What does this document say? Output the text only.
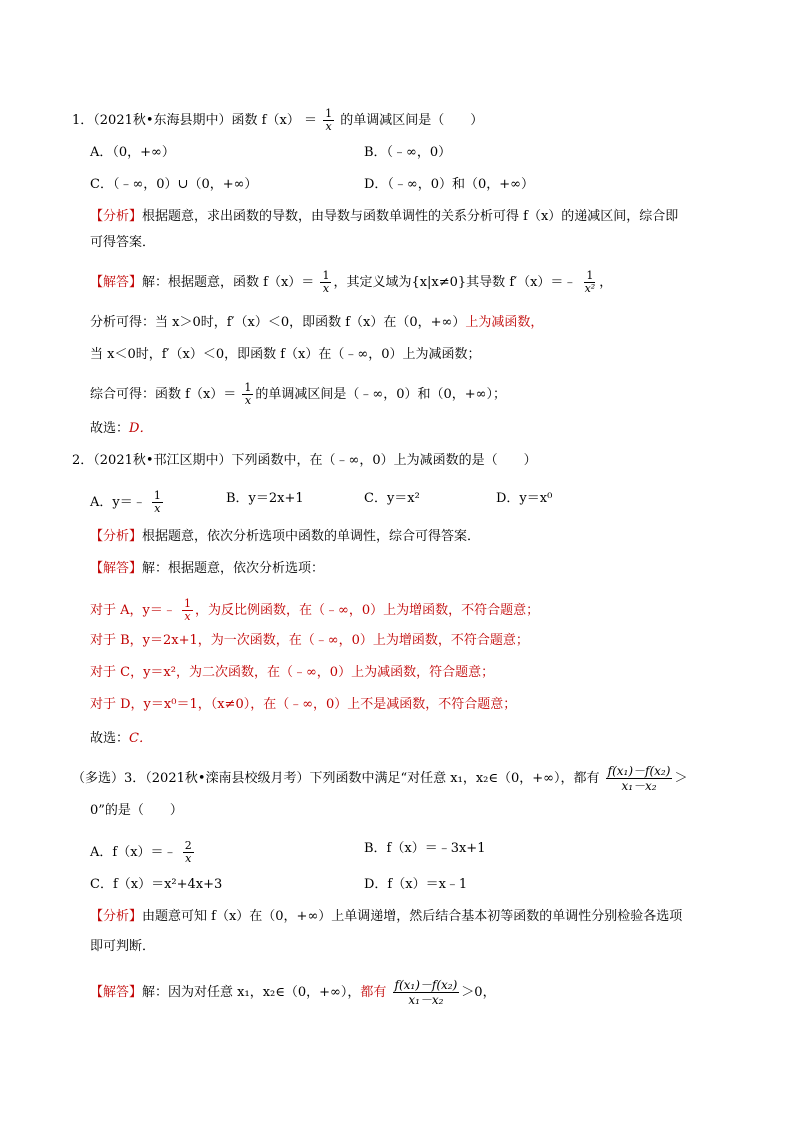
1．（2021秋•东海县期中）函数 $f(x) = \frac{1}{x}$ 的单调减区间是（　　）
A．（0，+∞）	B．（﹣∞，0）
C．（﹣∞，0）∪（0，+∞）	D．（﹣∞，0）和（0，+∞）
【分析】根据题意，求出函数的导数，由导数与函数单调性的关系分析可得 f（x）的递减区间，综合即
可得答案．
【解答】解：根据题意，函数 $f(x)= \frac{1}{x}$ ，其定义域为{x|x≠0}其导数 f′（x）＝﹣ $\frac{1}{\text{x²}}$ ，
分析可得：当 x＞0时，f′（x）＜0，即函数 f（x）在（0，+∞）上为减函数，
当 x＜0时，f′（x）＜0，即函数 f（x）在（﹣∞，0）上为减函数；
综合可得：函数 $f(x)= \frac{1}{x}$ 的单调减区间是（﹣∞，0）和（0，+∞）；
故选：D．
2．（2021秋•邗江区期中）下列函数中，在（﹣∞，0）上为减函数的是（　　）
A．y＝﹣ $\frac{1}{x}$	B．y＝2x+1	C．y＝x²	D．y＝x⁰
【分析】根据题意，依次分析选项中函数的单调性，综合可得答案．
【解答】解：根据题意，依次分析选项：
对于 A，y＝﹣ $\frac{1}{x}$ ，为反比例函数，在（﹣∞，0）上为增函数，不符合题意；
对于 B，y＝2x+1，为一次函数，在（﹣∞，0）上为增函数，不符合题意；
对于 C，y＝x²，为二次函数，在（﹣∞，0）上为减函数，符合题意；
对于 D，y＝x⁰＝1，（x≠0），在（﹣∞，0）上不是减函数，不符合题意；
故选：C．
（多选）3．（2021秋•滦南县校级月考）下列函数中满足“对任意 x₁，x₂∈（0，+∞），都有 $\frac{\text{f(x₁)－f(x₂)}}{\text{x₁－x₂}}$ ＞
0”的是（　　）
A．f（x）＝﹣ $\frac{2}{x}$	B．f（x）＝﹣3x+1
C．f（x）＝x²+4x+3	D．f（x）＝x﹣1
【分析】由题意可知 f（x）在（0，+∞）上单调递增，然后结合基本初等函数的单调性分别检验各选项
即可判断．
【解答】解：因为对任意 x₁，x₂∈（0，+∞），都有 $\frac{\text{f(x₁)－f(x₂)}}{\text{x₁－x₂}} >0$，
